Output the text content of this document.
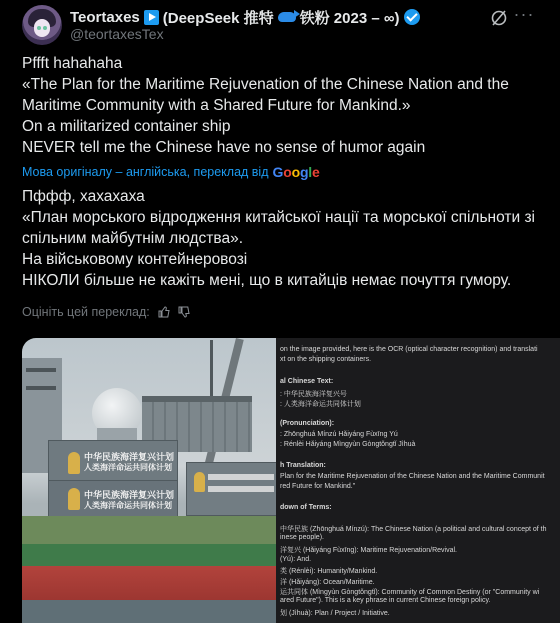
Teortaxes (DeepSeek 推特 铁粉 2023 – ∞)
@teortaxesTex
···
Pffft hahahaha
«The Plan for the Maritime Rejuvenation of the Chinese Nation and the
Maritime Community with a Shared Future for Mankind.»
On a militarized container ship
NEVER tell me the Chinese have no sense of humor again
Мова оригіналу – англійська, переклад від Google
Пффф, хахахаха
«План морського відродження китайської нації та морської спільноти зі
спільним майбутнім людства».
На військовому контейнеровозі
НІКОЛИ більше не кажіть мені, що в китайців немає почуття гумору.
Оцініть цей переклад:
中华民族海洋复兴计划
人类海洋命运共同体计划
中华民族海洋复兴计划
人类海洋命运共同体计划
on the image provided, here is the OCR (optical character recognition) and translati
xt on the shipping containers.
al Chinese Text:
: 中华民族海洋复兴号
: 人类海洋命运共同体计划
(Pronunciation):
: Zhōnghuá Mínzú Hǎiyáng Fùxīng Yú
: Rénlèi Hǎiyáng Mìngyùn Gòngtǒngtǐ Jìhuà
h Translation:
Plan for the Maritime Rejuvenation of the Chinese Nation and the Maritime Communit
red Future for Mankind."
down of Terms:
中华民族 (Zhōnghuá Mínzú): The Chinese Nation (a political and cultural concept of th
inese people).
洋复兴 (Hǎiyáng Fùxīng): Maritime Rejuvenation/Revival.
(Yú): And.
类 (Rénlèi): Humanity/Mankind.
洋 (Hǎiyáng): Ocean/Maritime.
运共同体 (Mìngyùn Gòngtǒngtǐ): Community of Common Destiny (or "Community wi
ared Future"). This is a key phrase in current Chinese foreign policy.
划 (Jìhuà): Plan / Project / Initiative.
